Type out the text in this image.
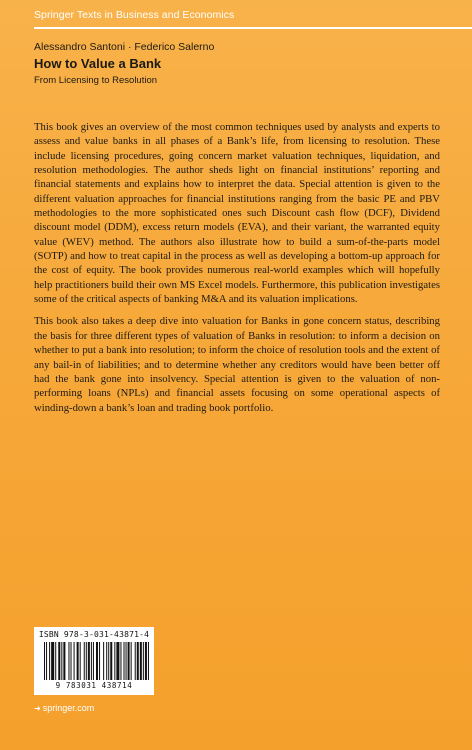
Springer Texts in Business and Economics
Alessandro Santoni · Federico Salerno
How to Value a Bank
From Licensing to Resolution

This book gives an overview of the most common techniques used by analysts and experts to assess and value banks in all phases of a Bank’s life, from licensing to resolution. These include licensing procedures, going concern market valuation techniques, liquidation, and resolution methodologies. The author sheds light on financial institutions’ reporting and financial statements and explains how to interpret the data. Special attention is given to the different valuation approaches for financial institutions ranging from the basic PE and PBV methodologies to the more sophisticated ones such Discount cash flow (DCF), Dividend discount model (DDM), excess return models (EVA), and their variant, the warranted equity value (WEV) method. The authors also illustrate how to build a sum-of-the-parts model (SOTP) and how to treat capital in the process as well as developing a bottom-up approach for the cost of equity. The book provides numerous real-world examples which will hopefully help practitioners build their own MS Excel models. Furthermore, this publication investigates some of the critical aspects of banking M&A and its valuation implications.

This book also takes a deep dive into valuation for Banks in gone concern status, describing the basis for three different types of valuation of Banks in resolution: to inform a decision on whether to put a bank into resolution; to inform the choice of resolution tools and the extent of any bail-in of liabilities; and to determine whether any creditors would have been better off had the bank gone into insolvency. Special attention is given to the valuation of non-performing loans (NPLs) and financial assets focusing on some operational aspects of winding-down a bank’s loan and trading book portfolio.

ISBN 978-3-031-43871-4
9 783031 438714
➜ springer.com
